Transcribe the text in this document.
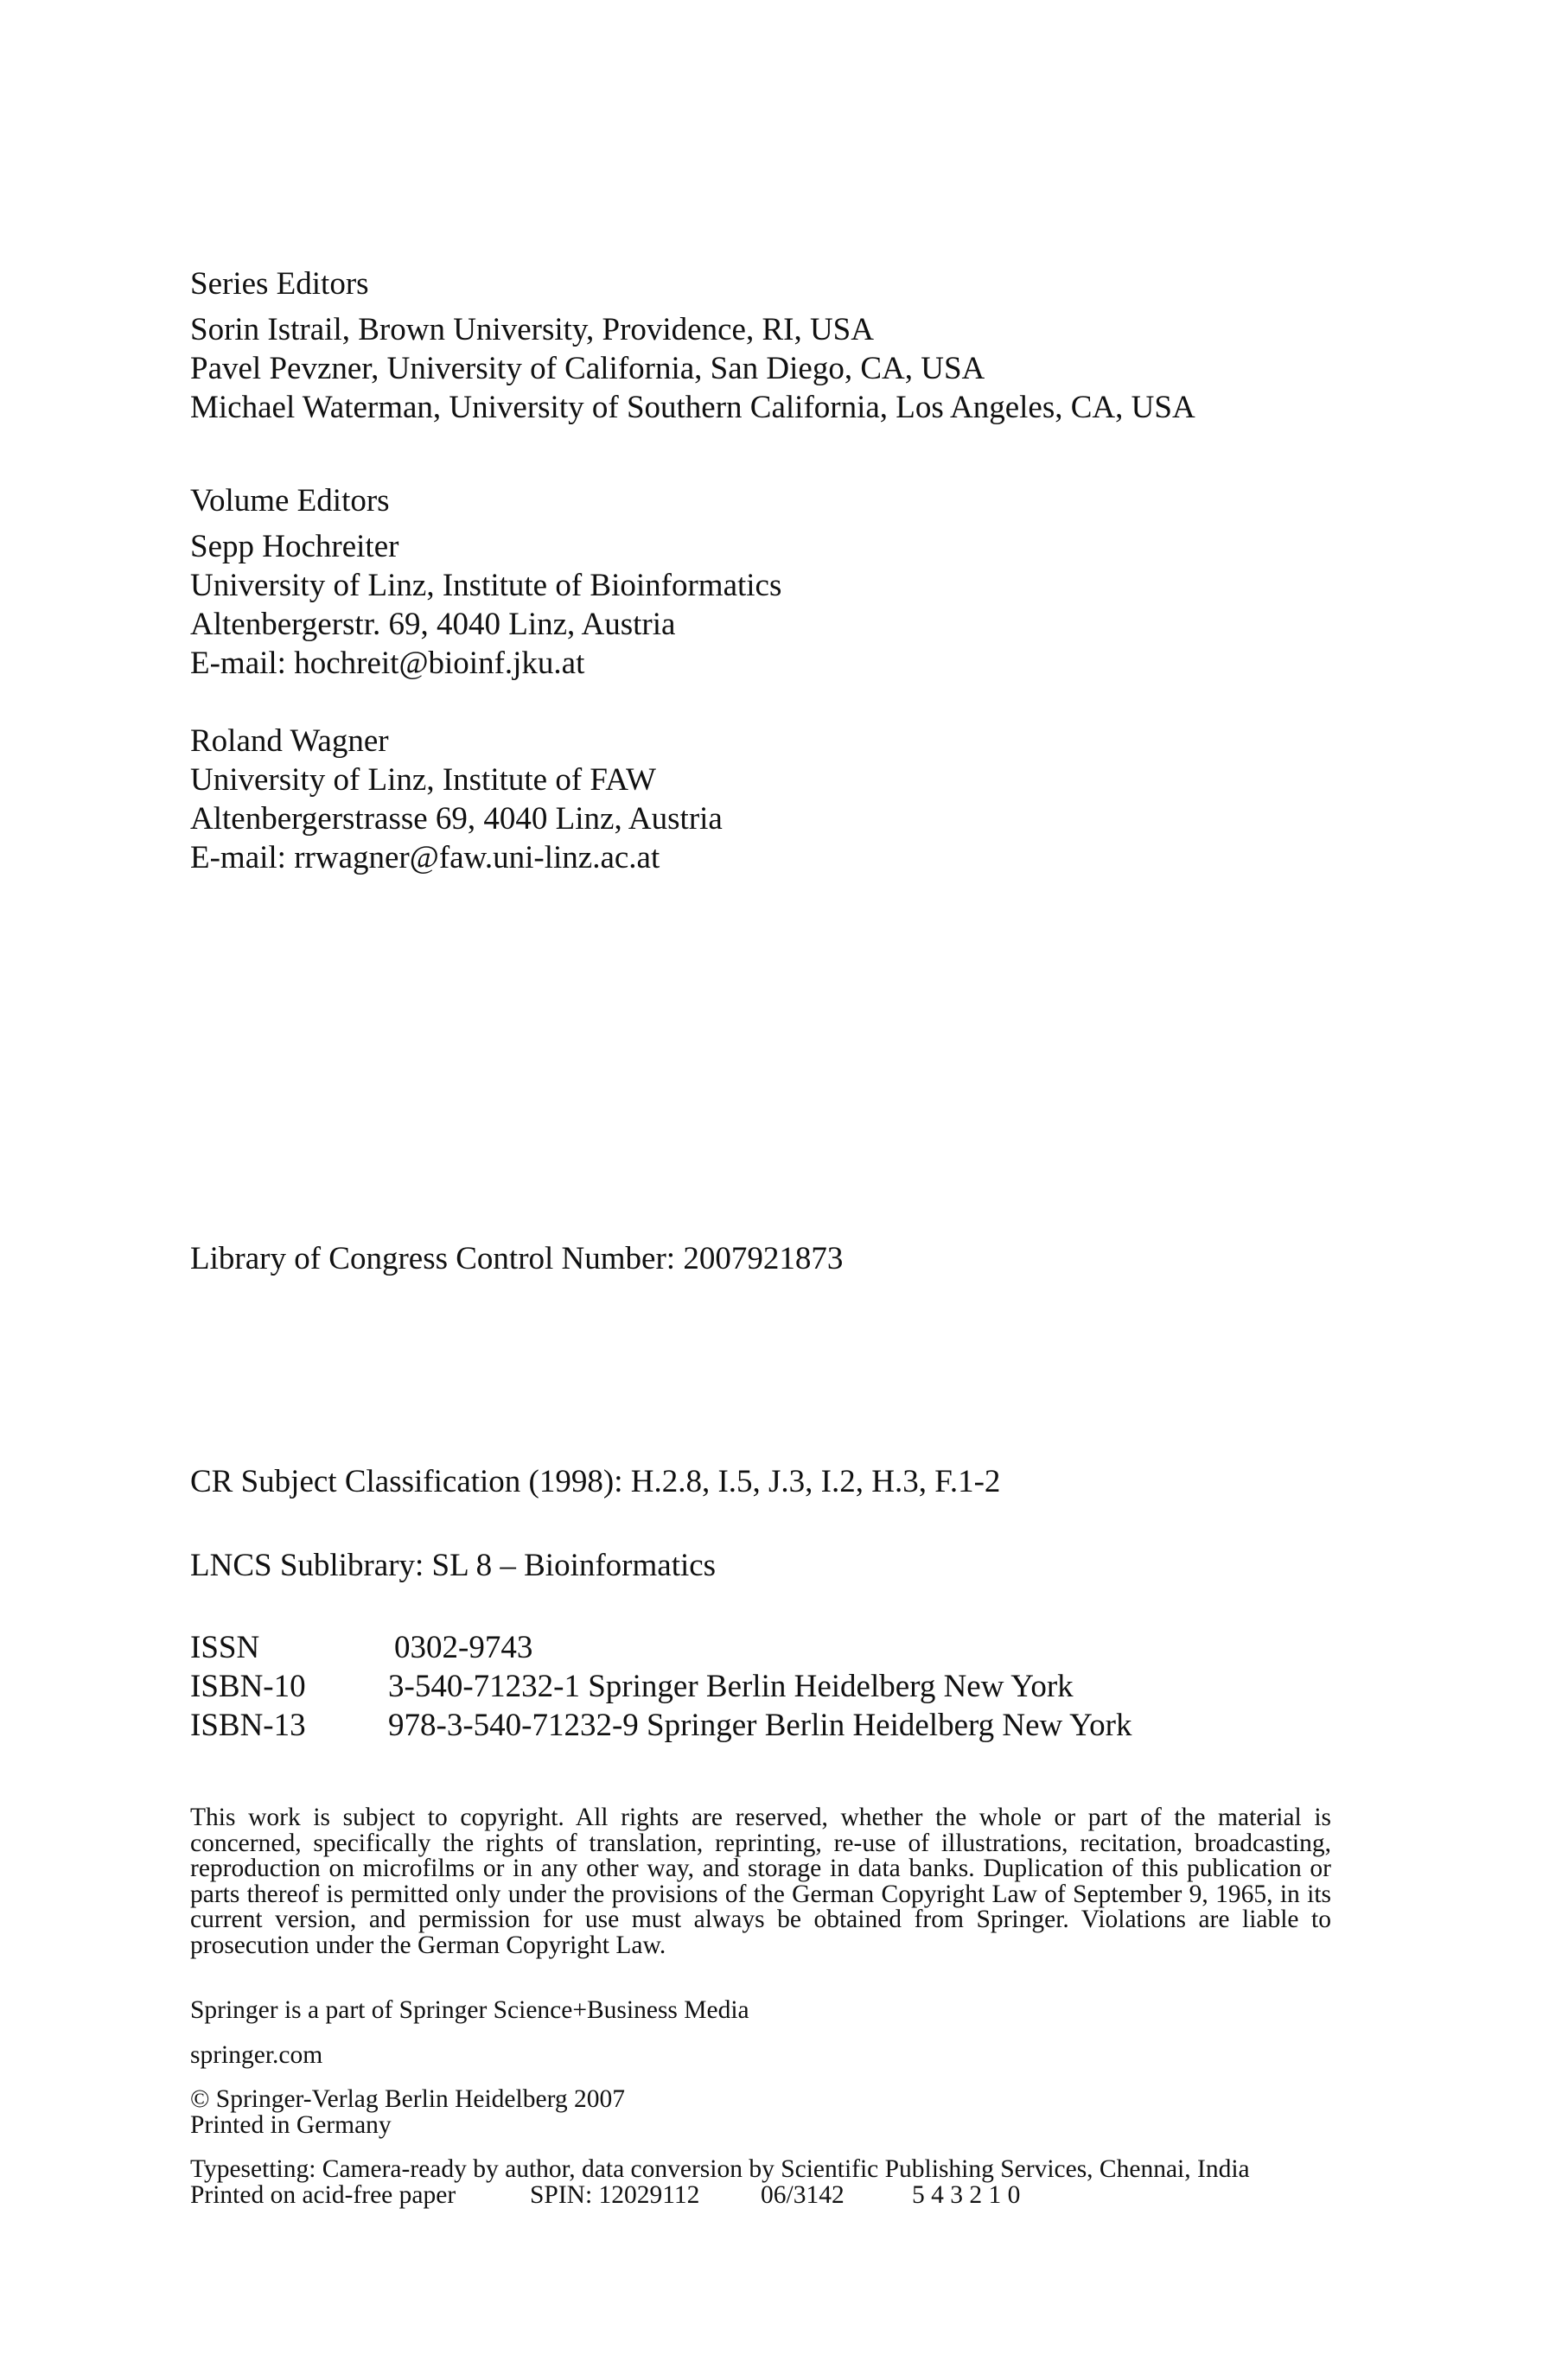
Series Editors
Sorin Istrail, Brown University, Providence, RI, USA
Pavel Pevzner, University of California, San Diego, CA, USA
Michael Waterman, University of Southern California, Los Angeles, CA, USA
Volume Editors
Sepp Hochreiter
University of Linz, Institute of Bioinformatics
Altenbergerstr. 69, 4040 Linz, Austria
E-mail: hochreit@bioinf.jku.at
Roland Wagner
University of Linz, Institute of FAW
Altenbergerstrasse 69, 4040 Linz, Austria
E-mail: rrwagner@faw.uni-linz.ac.at
Library of Congress Control Number: 2007921873
CR Subject Classification (1998): H.2.8, I.5, J.3, I.2, H.3, F.1-2
LNCS Sublibrary: SL 8 – Bioinformatics
ISSN	0302-9743
ISBN-10	3-540-71232-1 Springer Berlin Heidelberg New York
ISBN-13	978-3-540-71232-9 Springer Berlin Heidelberg New York

This work is subject to copyright. All rights are reserved, whether the whole or part of the material is concerned, specifically the rights of translation, reprinting, re-use of illustrations, recitation, broadcasting, reproduction on microfilms or in any other way, and storage in data banks. Duplication of this publication or parts thereof is permitted only under the provisions of the German Copyright Law of September 9, 1965, in its current version, and permission for use must always be obtained from Springer. Violations are liable to prosecution under the German Copyright Law.

Springer is a part of Springer Science+Business Media
springer.com
© Springer-Verlag Berlin Heidelberg 2007
Printed in Germany
Typesetting: Camera-ready by author, data conversion by Scientific Publishing Services, Chennai, India
Printed on acid-free paper	SPIN: 12029112 06/3142	5 4 3 2 1 0
